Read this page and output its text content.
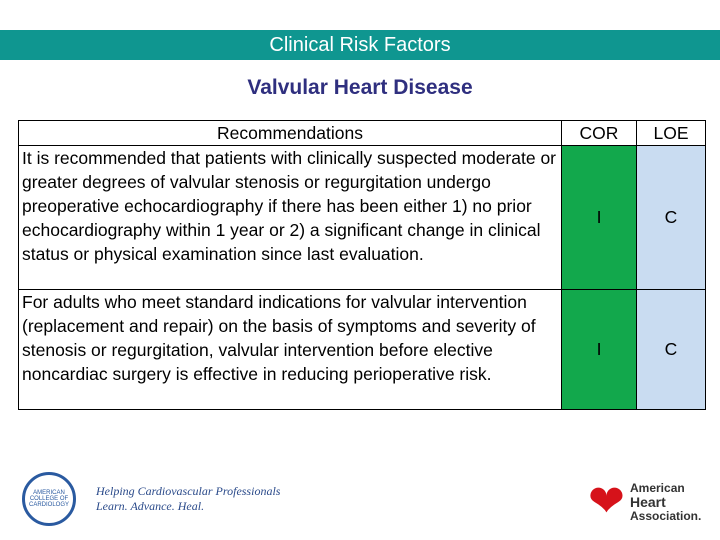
Clinical Risk Factors
Valvular Heart Disease
Recommendations	COR	LOE
It is recommended that patients with clinically suspected moderate or greater degrees of valvular stenosis or regurgitation undergo preoperative echocardiography if there has been either 1) no prior echocardiography within 1 year or 2) a significant change in clinical status or physical examination since last evaluation.	I	C
For adults who meet standard indications for valvular intervention (replacement and repair) on the basis of symptoms and severity of stenosis or regurgitation, valvular intervention before elective noncardiac surgery is effective in reducing perioperative risk.	I	C
AMERICAN COLLEGE OF CARDIOLOGY
Helping Cardiovascular Professionals
Learn. Advance. Heal.	❤ American
Heart
Association.
